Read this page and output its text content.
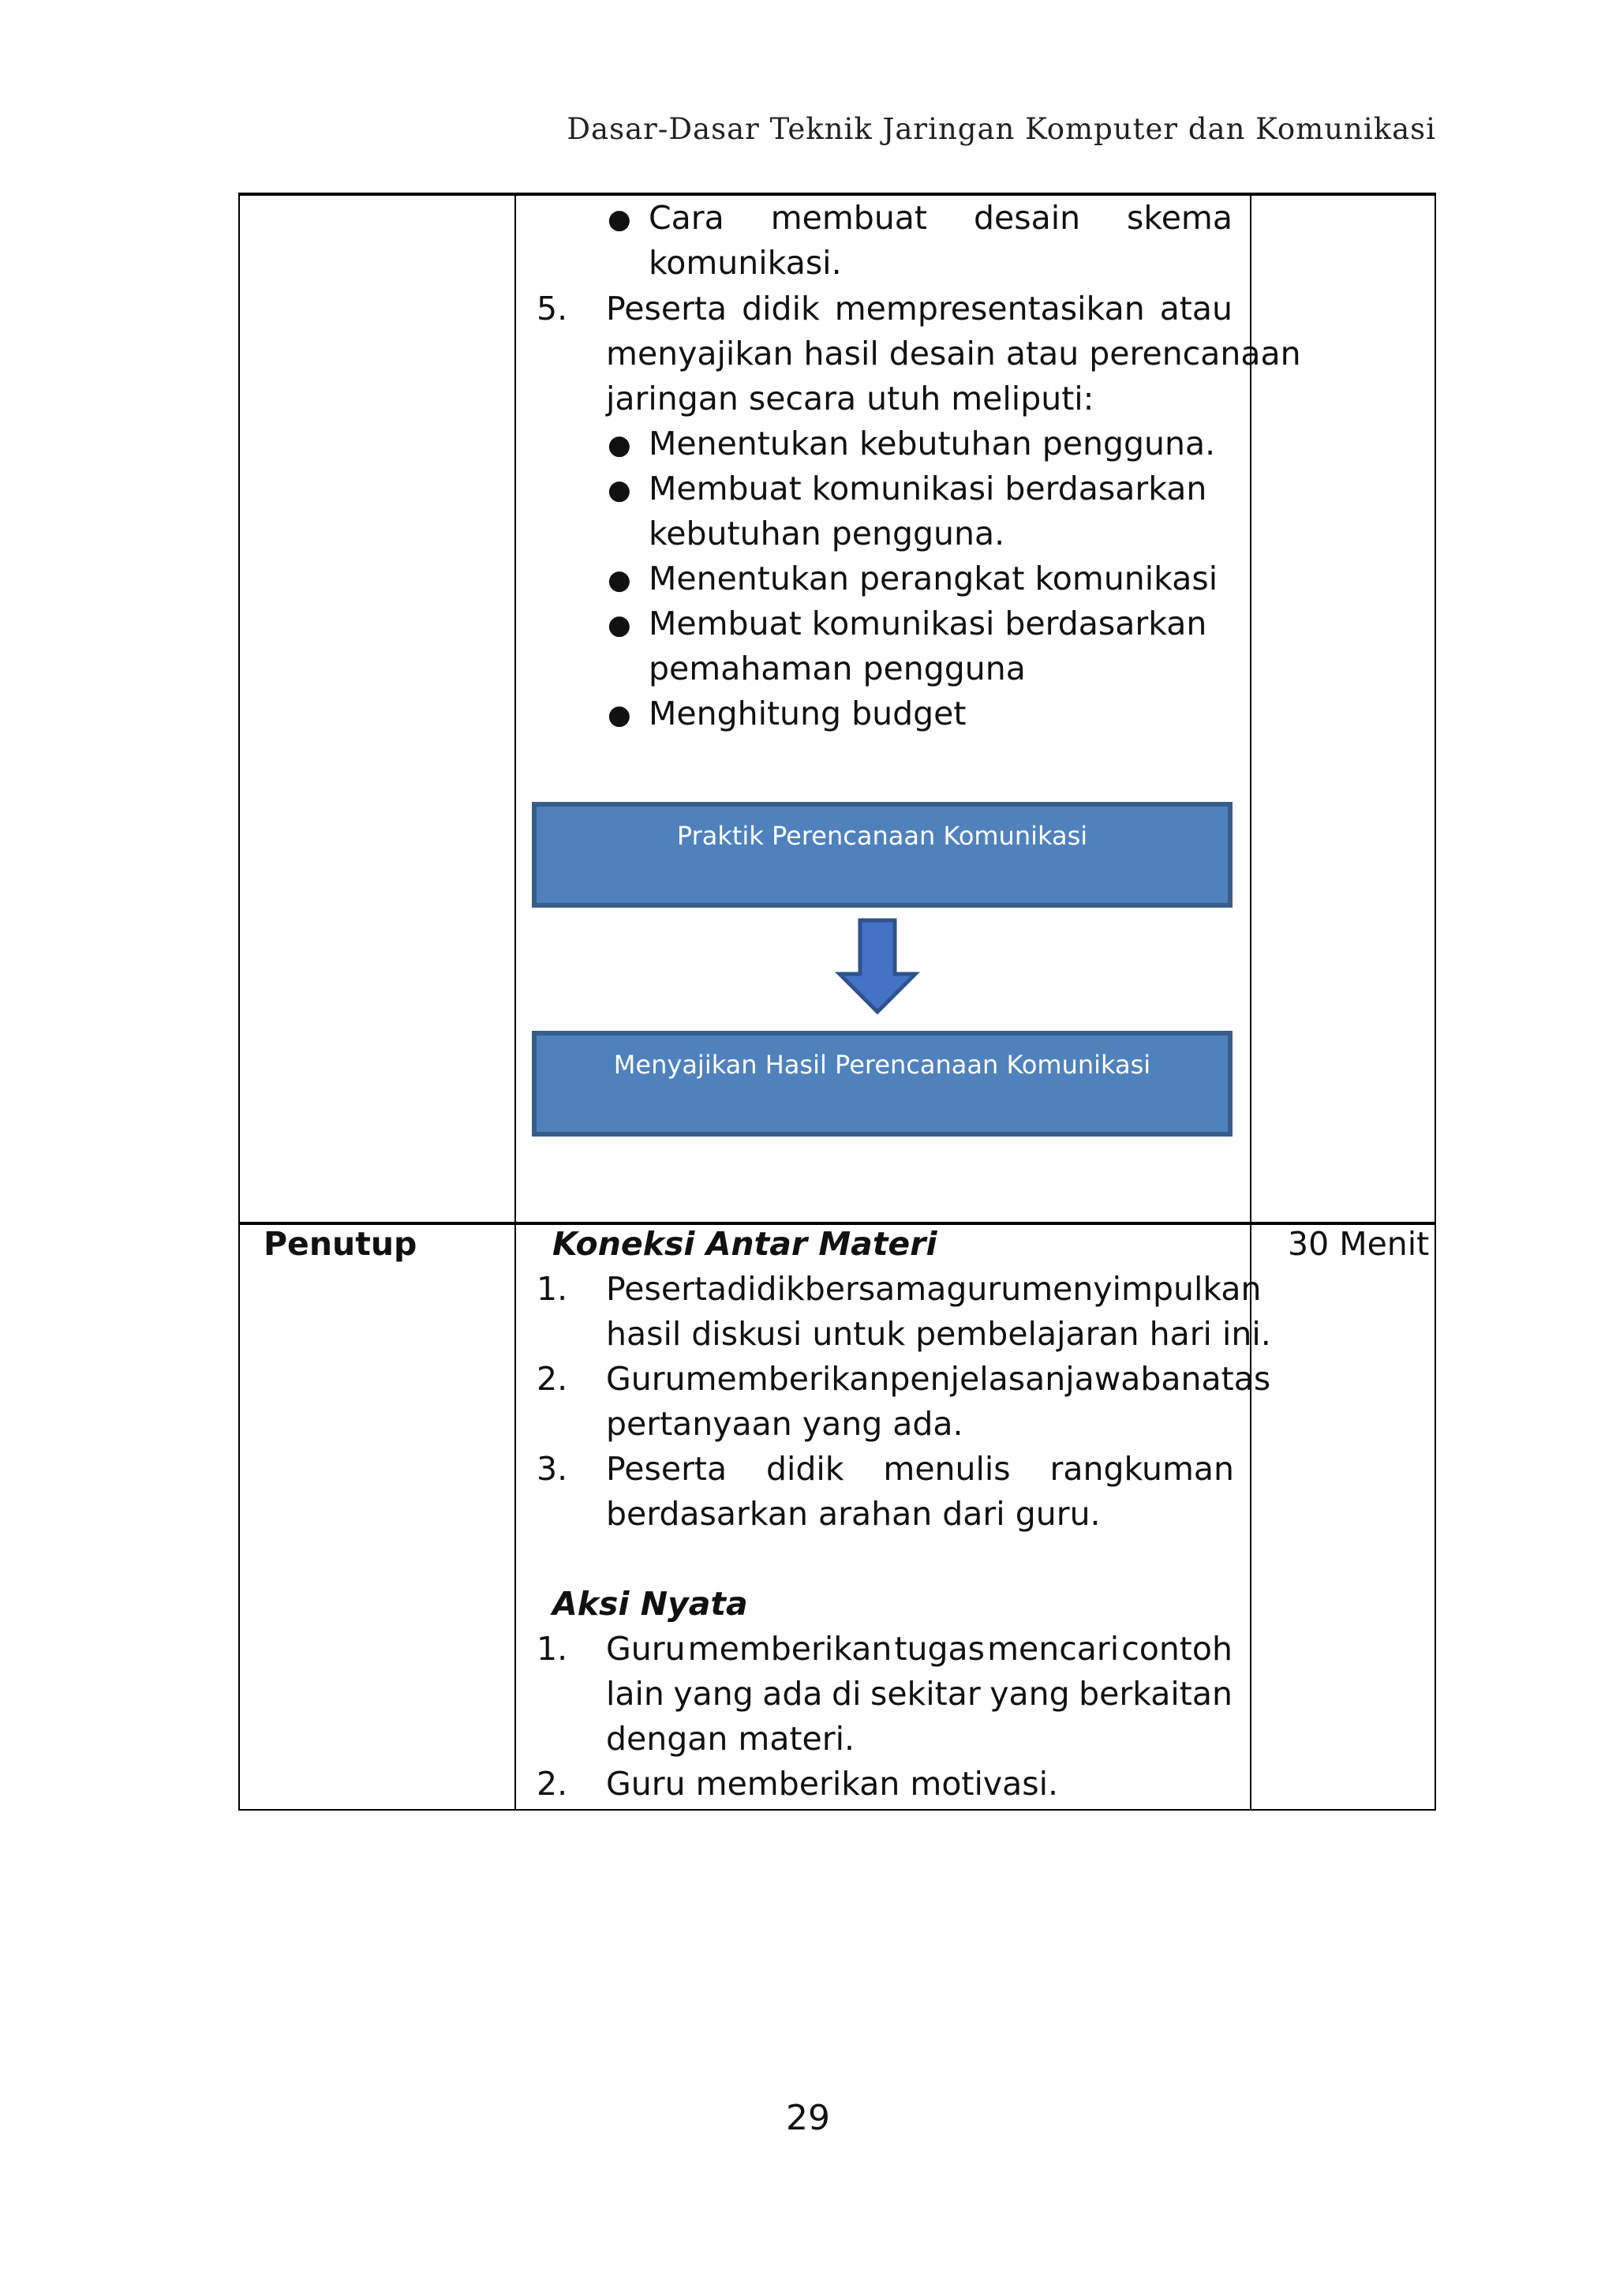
Dasar-Dasar Teknik Jaringan Komputer dan Komunikasi
● Cara membuat desain skema
komunikasi.
5. Peserta didik mempresentasikan atau
menyajikan hasil desain atau perencanaan
jaringan secara utuh meliputi:
● Menentukan kebutuhan pengguna.
● Membuat komunikasi berdasarkan
kebutuhan pengguna.
● Menentukan perangkat komunikasi
● Membuat komunikasi berdasarkan
pemahaman pengguna
● Menghitung budget
Praktik Perencanaan Komunikasi
Menyajikan Hasil Perencanaan Komunikasi
Penutup	30 Menit
Koneksi Antar Materi
1. Peserta didik bersama guru menyimpulkan
hasil diskusi untuk pembelajaran hari ini.
2. Guru memberikan penjelasan jawaban atas
pertanyaan yang ada.
3. Peserta didik menulis rangkuman
berdasarkan arahan dari guru.
Aksi Nyata
1. Guru memberikan tugas mencari contoh
lain yang ada di sekitar yang berkaitan
dengan materi.
2. Guru memberikan motivasi.
29
